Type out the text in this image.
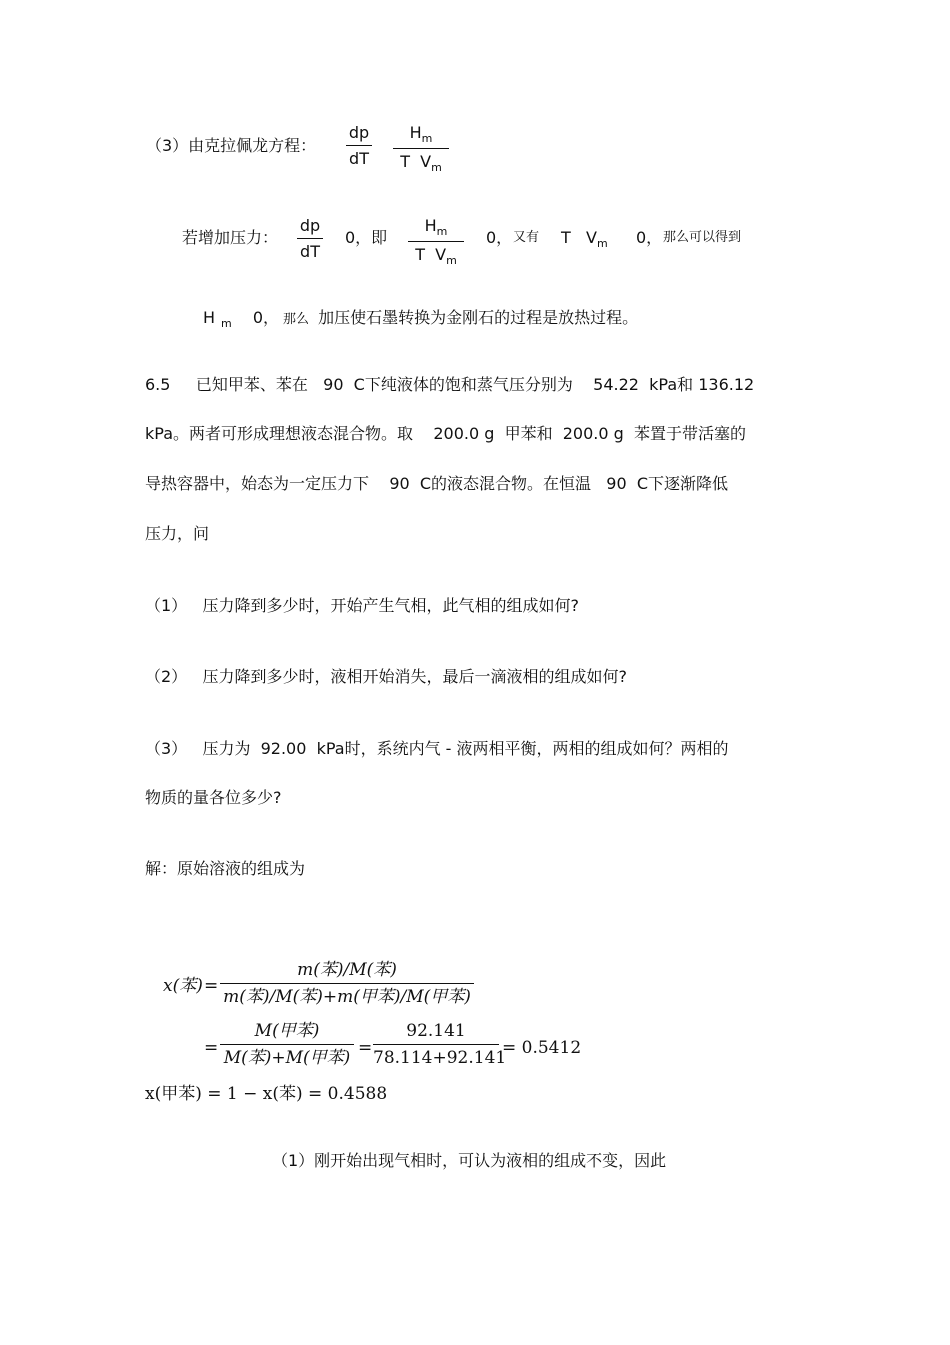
（3）由克拉佩龙方程：
dp
dT
$H_m$
T  $V_m$
若增加压力：
dp
dT
0，即
$H_m$
T  $V_m$
0， 又有 T   $V_m$ 0， 那么可以得到
H $_m$ 0， 那么 加压使石墨转换为金刚石的过程是放热过程。
6.5     已知甲苯、苯在   90  C下纯液体的饱和蒸气压分别为    54.22  kPa和 136.12
kPa。两者可形成理想液态混合物。取    200.0 g  甲苯和  200.0 g  苯置于带活塞的
导热容器中，始态为一定压力下    90  C的液态混合物。在恒温   90  C下逐渐降低
压力，问
（1）   压力降到多少时，开始产生气相，此气相的组成如何?
（2）   压力降到多少时，液相开始消失，最后一滴液相的组成如何?
（3）   压力为  92.00  kPa时，系统内气 - 液两相平衡，两相的组成如何？两相的
物质的量各位多少?
解：原始溶液的组成为
x(苯) =
m(苯)/M(苯)
m(苯)/M(苯)+m(甲苯)/M(甲苯)
=
M(甲苯)
M(苯)+M(甲苯) =
92.141
78.114+92.141
= 0.5412
x(甲苯) = 1 − x(苯) = 0.4588
（1）刚开始出现气相时，可认为液相的组成不变，因此
